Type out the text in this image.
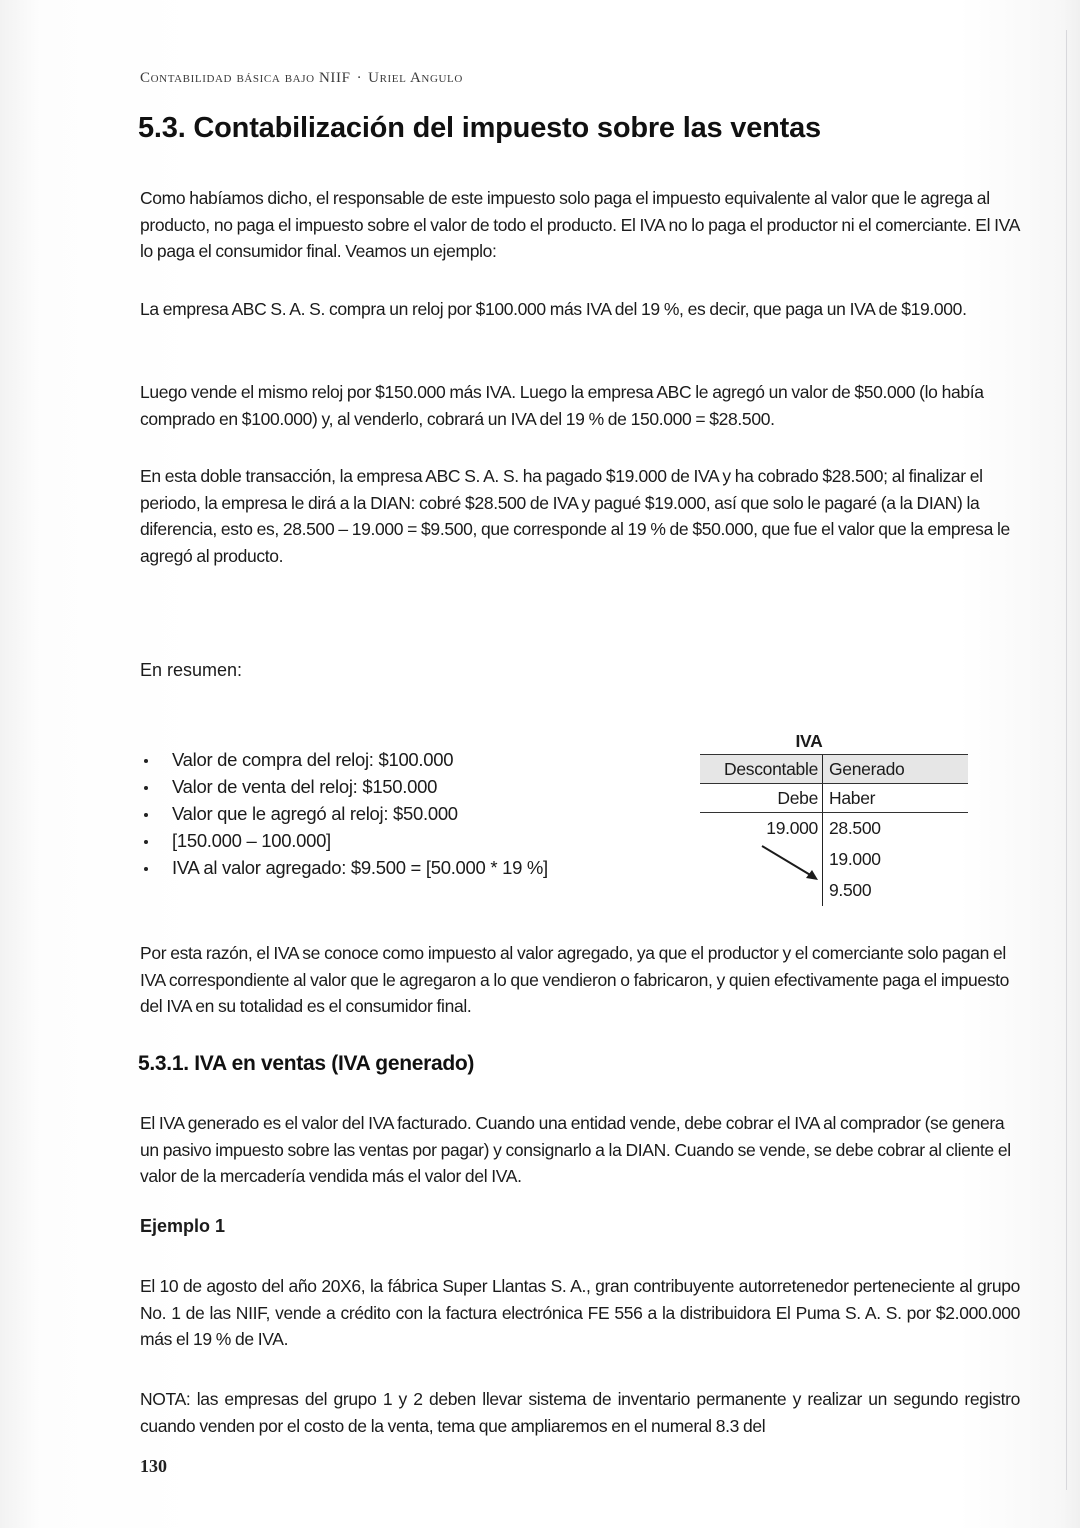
Contabilidad básica bajo NIIF · Uriel Angulo
5.3. Contabilización del impuesto sobre las ventas

Como habíamos dicho, el responsable de este impuesto solo paga el impuesto equivalente al valor que le agrega al producto, no paga el impuesto sobre el valor de todo el producto. El IVA no lo paga el productor ni el comerciante. El IVA lo paga el consumidor final. Veamos un ejemplo:

La empresa ABC S. A. S. compra un reloj por $100.000 más IVA del 19 %, es decir, que paga un IVA de $19.000.

Luego vende el mismo reloj por $150.000 más IVA. Luego la empresa ABC le agregó un valor de $50.000 (lo había comprado en $100.000) y, al venderlo, cobrará un IVA del 19 % de 150.000 = $28.500.

En esta doble transacción, la empresa ABC S. A. S. ha pagado $19.000 de IVA y ha cobrado $28.500; al finalizar el periodo, la empresa le dirá a la DIAN: cobré $28.500 de IVA y pagué $19.000, así que solo le pagaré (a la DIAN) la diferencia, esto es, 28.500 – 19.000 = $9.500, que corresponde al 19 % de $50.000, que fue el valor que la empresa le agregó al producto.

En resumen:

Valor de compra del reloj: $100.000
Valor de venta del reloj: $150.000
Valor que le agregó al reloj: $50.000
[150.000 – 100.000]
IVA al valor agregado: $9.500 = [50.000 * 19 %]
IVA
Descontable Generado
Debe Haber
19.000 28.500
19.000
9.500

Por esta razón, el IVA se conoce como impuesto al valor agregado, ya que el productor y el comerciante solo pagan el IVA correspondiente al valor que le agregaron a lo que vendieron o fabricaron, y quien efectivamente paga el impuesto del IVA en su totalidad es el consumidor final.

5.3.1. IVA en ventas (IVA generado)

El IVA generado es el valor del IVA facturado. Cuando una entidad vende, debe cobrar el IVA al comprador (se genera un pasivo impuesto sobre las ventas por pagar) y consignarlo a la DIAN. Cuando se vende, se debe cobrar al cliente el valor de la mercadería vendida más el valor del IVA.

Ejemplo 1

El 10 de agosto del año 20X6, la fábrica Super Llantas S. A., gran contribuyente autorretenedor perteneciente al grupo No. 1 de las NIIF, vende a crédito con la factura electrónica FE 556 a la distribuidora El Puma S. A. S. por $2.000.000 más el 19 % de IVA.

NOTA: las empresas del grupo 1 y 2 deben llevar sistema de inventario permanente y realizar un segundo registro cuando venden por el costo de la venta, tema que ampliaremos en el numeral 8.3 del

130
